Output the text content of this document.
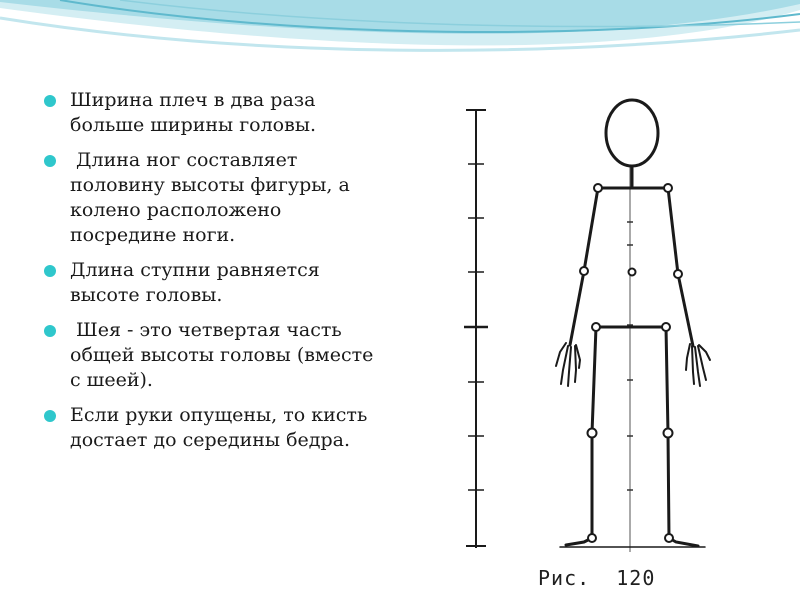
Ширина плеч в два раза больше ширины головы.
Длина ног составляет половину высоты фигуры, а колено расположено посредине ноги.
Длина ступни равняется высоте головы.
Шея - это четвертая часть общей высоты головы (вместе с шеей).
Если руки опущены, то кисть достает до середины бедра.
Рис.  120
